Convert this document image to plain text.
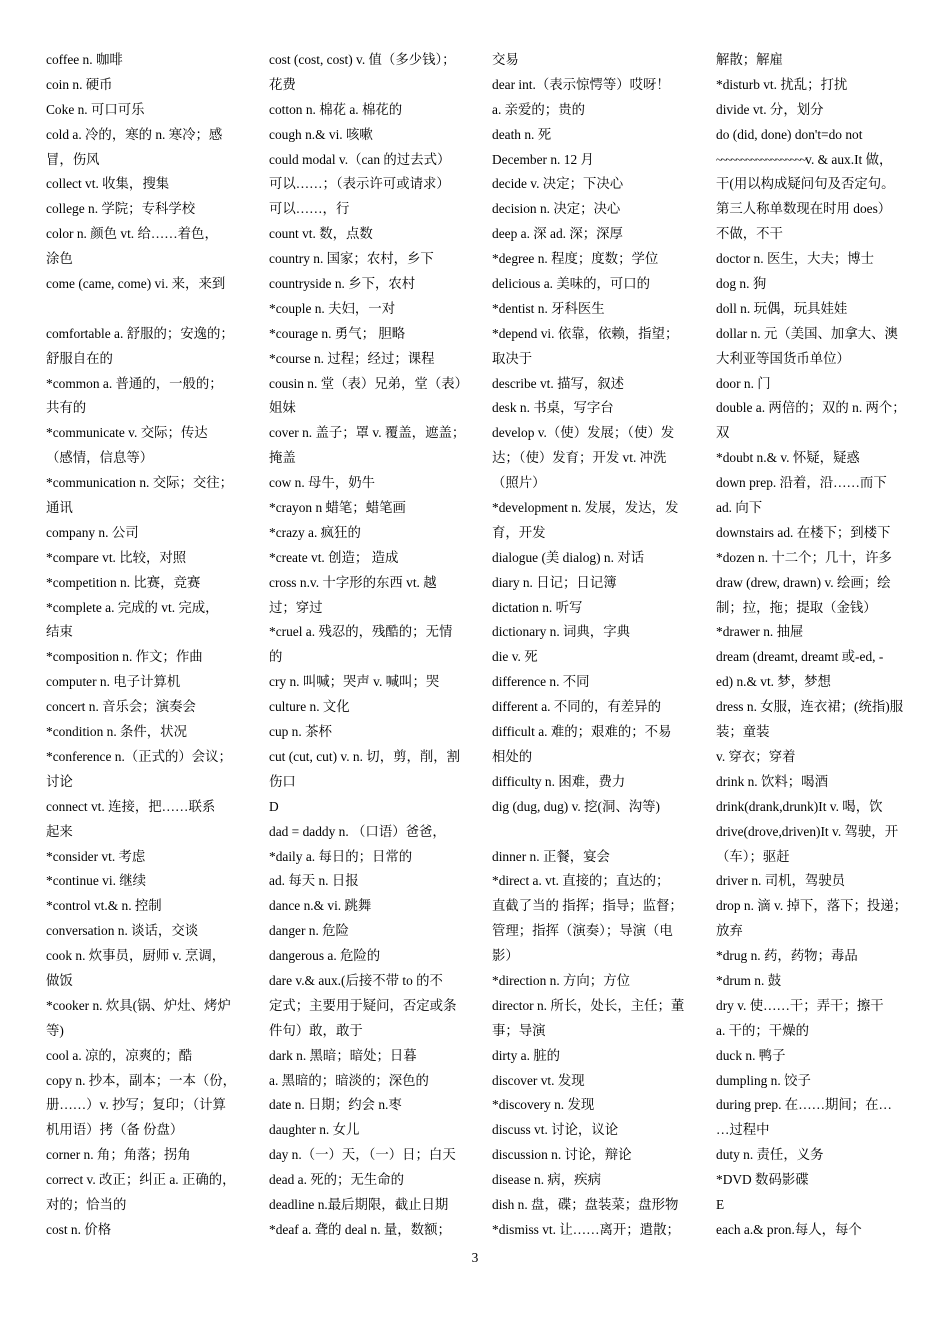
coffee n. 咖啡
coin n. 硬币
Coke n. 可口可乐
cold a. 冷的，寒的 n. 寒冷；感
冒，伤风
collect vt. 收集，搜集
college n. 学院；专科学校
color n. 颜色 vt. 给……着色，
涂色
come (came, come) vi. 来，来到
comfortable a. 舒服的；安逸的；
舒服自在的
*common a. 普通的，一般的；
共有的
*communicate v. 交际；传达
（感情，信息等）
*communication n. 交际；交往；
通讯
company n. 公司
*compare vt. 比较，对照
*competition n. 比赛，竞赛
*complete a. 完成的 vt. 完成，
结束
*composition n. 作文；作曲
computer n. 电子计算机
concert n. 音乐会；演奏会
*condition n. 条件，状况
*conference n.（正式的）会议；
讨论
connect vt. 连接，把……联系
起来
*consider vt. 考虑
*continue vi. 继续
*control vt.& n. 控制
conversation n. 谈话，交谈
cook n. 炊事员，厨师 v. 烹调，
做饭
*cooker n. 炊具(锅、炉灶、烤炉
等)
cool a. 凉的，凉爽的；酷
copy n. 抄本，副本；一本（份，
册……）v. 抄写；复印；（计算
机用语）拷（备 份盘）
corner n. 角；角落；拐角
correct v. 改正；纠正 a. 正确的，
对的；恰当的
cost n. 价格
cost (cost, cost) v. 值（多少钱）；
花费
cotton n. 棉花 a. 棉花的
cough n.& vi. 咳嗽
could modal v.（can 的过去式）
可以……；（表示许可或请求）
可以……，行
count vt. 数，点数
country n. 国家；农村，乡下
countryside n. 乡下，农村
*couple n. 夫妇，一对
*courage n. 勇气； 胆略
*course n. 过程；经过；课程
cousin n. 堂（表）兄弟，堂（表）
姐妹
cover n. 盖子；罩 v. 覆盖，遮盖；
掩盖
cow n. 母牛，奶牛
*crayon n 蜡笔；蜡笔画
*crazy a. 疯狂的
*create vt. 创造； 造成
cross n.v. 十字形的东西 vt. 越
过；穿过
*cruel a. 残忍的，残酷的；无情
的
cry n. 叫喊；哭声 v. 喊叫；哭
culture n. 文化
cup n. 茶杯
cut (cut, cut) v. n. 切，剪，削，割
伤口
D
dad = daddy n. （口语）爸爸，
*daily a. 每日的；日常的
ad. 每天 n. 日报
dance n.& vi. 跳舞
danger n. 危险
dangerous a. 危险的
dare v.& aux.(后接不带 to 的不
定式；主要用于疑问，否定或条
件句）敢，敢于
dark n. 黑暗；暗处；日暮
a. 黑暗的；暗淡的；深色的
date n. 日期；约会 n.枣
daughter n. 女儿
day n.（一）天，（一）日；白天
dead a. 死的；无生命的
deadline n.最后期限，截止日期
*deaf a. 聋的 deal n. 量，数额；
交易
dear int.（表示惊愕等）哎呀！
a. 亲爱的；贵的
death n. 死
December n. 12 月
decide v. 决定；下决心
decision n. 决定；决心
deep a. 深 ad. 深；深厚
*degree n. 程度；度数；学位
delicious a. 美味的，可口的
*dentist n. 牙科医生
*depend vi. 依靠，依赖，指望；
取决于
describe vt. 描写，叙述
desk n. 书桌，写字台
develop v.（使）发展；（使）发
达；（使）发育；开发 vt. 冲洗
（照片）
*development n. 发展，发达，发
育，开发
dialogue (美 dialog) n. 对话
diary n. 日记；日记簿
dictation n. 听写
dictionary n. 词典，字典
die v. 死
difference n. 不同
different a. 不同的，有差异的
difficult a. 难的；艰难的；不易
相处的
difficulty n. 困难，费力
dig (dug, dug) v. 挖(洞、沟等)
dinner n. 正餐，宴会
*direct a. vt. 直接的；直达的；
直截了当的 指挥；指导；监督；
管理；指挥（演奏）；导演（电
影）
*direction n. 方向；方位
director n. 所长，处长，主任；董
事；导演
dirty a. 脏的
discover vt. 发现
*discovery n. 发现
discuss vt. 讨论，议论
discussion n. 讨论，辩论
disease n. 病，疾病
dish n. 盘，碟；盘装菜；盘形物
*dismiss vt. 让……离开；遣散；
解散；解雇
*disturb vt. 扰乱；打扰
divide vt. 分，划分
do (did, done) don't=do not
~~~~~~~~~~~~~~~~~~v. & aux.It 做，
干(用以构成疑问句及否定句。
第三人称单数现在时用 does）
不做，不干
doctor n. 医生，大夫；博士
dog n. 狗
doll n. 玩偶，玩具娃娃
dollar n. 元（美国、加拿大、澳
大利亚等国货币单位）
door n. 门
double a. 两倍的；双的 n. 两个；
双
*doubt n.& v. 怀疑，疑惑
down prep. 沿着，沿……而下
ad. 向下
downstairs ad. 在楼下；到楼下
*dozen n. 十二个；几十，许多
draw (drew, drawn) v. 绘画；绘
制；拉，拖；提取（金钱）
*drawer n. 抽屉
dream (dreamt, dreamt 或-ed, -
ed) n.& vt. 梦，梦想
dress n. 女服，连衣裙；(统指)服
装；童装
v. 穿衣；穿着
drink n. 饮料；喝酒
drink(drank,drunk)It v. 喝，饮
drive(drove,driven)It v. 驾驶，开
（车）；驱赶
driver n. 司机，驾驶员
drop n. 滴 v. 掉下，落下；投递；
放弃
*drug n. 药，药物；毒品
*drum n. 鼓
dry v. 使……干；弄干；擦干
a. 干的；干燥的
duck n. 鸭子
dumpling n. 饺子
during prep. 在……期间；在…
…过程中
duty n. 责任，义务
*DVD 数码影碟
E
each a.& pron.每人，每个
3
